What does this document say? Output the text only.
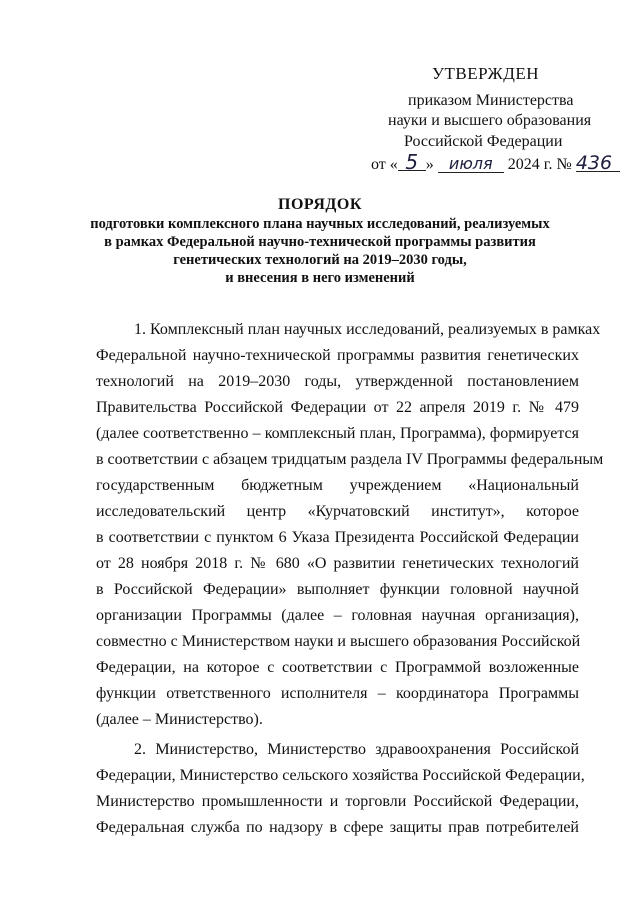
УТВЕРЖДЕН
приказом Министерства
науки и высшего образования
Российской Федерации
от « 5 » июля 2024 г. № 436
ПОРЯДОК
подготовки комплексного плана научных исследований, реализуемых
в рамках Федеральной научно-технической программы развития
генетических технологий на 2019–2030 годы,
и внесения в него изменений
1. Комплексный план научных исследований, реализуемых в рамках
Федеральной научно-технической программы развития генетических
технологий на 2019–2030 годы, утвержденной постановлением
Правительства Российской Федерации от 22 апреля 2019 г. № 479
(далее соответственно – комплексный план, Программа), формируется
в соответствии с абзацем тридцатым раздела IV Программы федеральным
государственным бюджетным учреждением «Национальный
исследовательский центр «Курчатовский институт», которое
в соответствии с пунктом 6 Указа Президента Российской Федерации
от 28 ноября 2018 г. № 680 «О развитии генетических технологий
в Российской Федерации» выполняет функции головной научной
организации Программы (далее – головная научная организация),
совместно с Министерством науки и высшего образования Российской
Федерации, на которое с соответствии с Программой возложенные
функции ответственного исполнителя – координатора Программы
(далее – Министерство).
2. Министерство, Министерство здравоохранения Российской
Федерации, Министерство сельского хозяйства Российской Федерации,
Министерство промышленности и торговли Российской Федерации,
Федеральная служба по надзору в сфере защиты прав потребителей
